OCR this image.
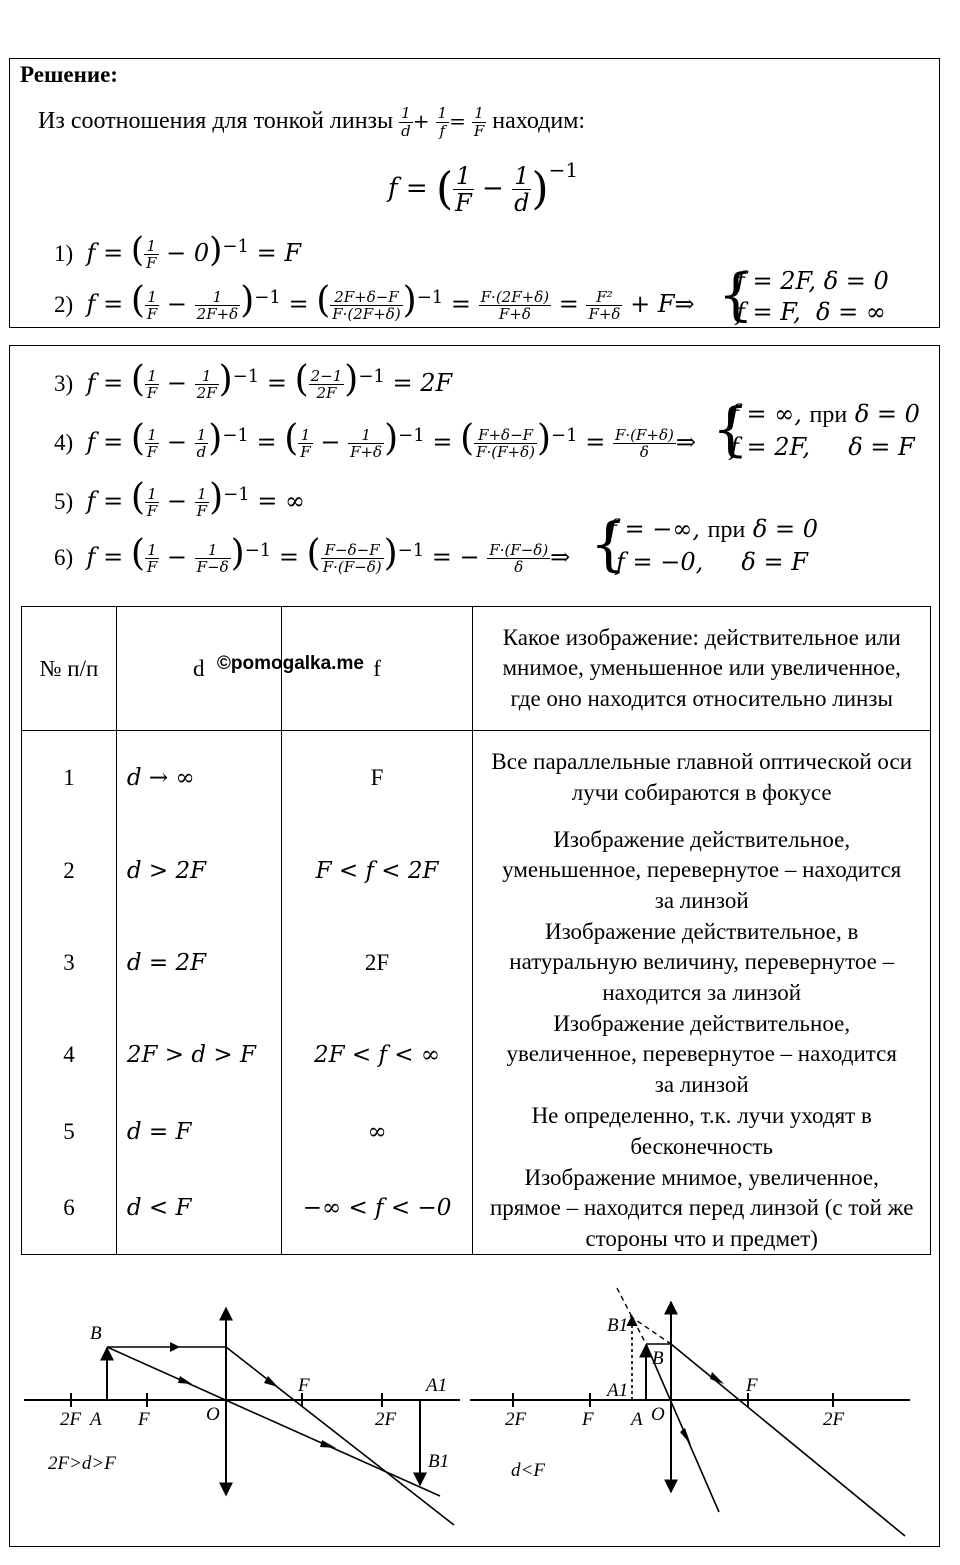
Решение:
Из соотношения для тонкой линзы $\frac{1}{d} + \frac{1}{f} = \frac{1}{F}$ находим:
f = ( $\frac{1}{F} - \frac{1}{d} )^{-1}$
1)  f = ( $\frac{1}{F} - 0)^{-1} = F$
2)  f = ( $\frac{1}{F} - \frac{1}{2F+\delta} )^{-1}$ = ( $\frac{2F+\delta-F}{F\cdot(2F+\delta)} )^{-1} = \frac{F\cdot(2F+\delta)}{F+\delta} = \frac{\text{F²}}{F+\delta}$ + F⇒ {
f = 2F, δ = 0
f = F,  δ = ∞
3)  f = ( $\frac{1}{F} - \frac{1}{2F} )^{-1}$ = ( $\frac{2-1}{2F} )^{-1} = 2F$
4)  f = ( $\frac{1}{F} - \frac{1}{d} )^{-1}$ = ( $\frac{1}{F} - \frac{1}{F+\delta} )^{-1}$ = ( $\frac{F+\delta-F}{F\cdot(F+\delta)} )^{-1} = \frac{F\cdot(F+\delta)}{\delta}$ ⇒ {
f = ∞, при δ = 0
f = 2F,     δ = F
5)  f = ( $\frac{1}{F} - \frac{1}{F} )^{-1}$ = ∞
6)  f = ( $\frac{1}{F} - \frac{1}{F-\delta} )^{-1}$ = ( $\frac{F-\delta-F}{F\cdot(F-\delta)} )^{-1}$ = − $\frac{F\cdot(F-\delta)}{\delta}$ ⇒ {
f = −∞, при δ = 0
f = −0,     δ = F
№ п/п	d ©pomogalka.me	f	Какое изображение: действительное или мнимое, уменьшенное или увеличенное, где оно находится относительно линзы
1	d → ∞	F	Все параллельные главной оптической оси лучи собираются в фокусе
2	d > 2F	F < f < 2F	Изображение действительное, уменьшенное, перевернутое – находится за линзой
3	d = 2F	2F	Изображение действительное, в натуральную величину, перевернутое – находится за линзой
4	2F > d > F	2F < f < ∞	Изображение действительное, увеличенное, перевернутое – находится за линзой
5	d = F	∞	Не определенно, т.к. лучи уходят в бесконечность
6	d < F	−∞ < f < −0	Изображение мнимое, увеличенное, прямое – находится перед линзой (с той же стороны что и предмет)
B
F	A1
2F A F	O	2F
B1
2F>d>F
B1
B
A1
2F	F A O
F
2F
d<F
